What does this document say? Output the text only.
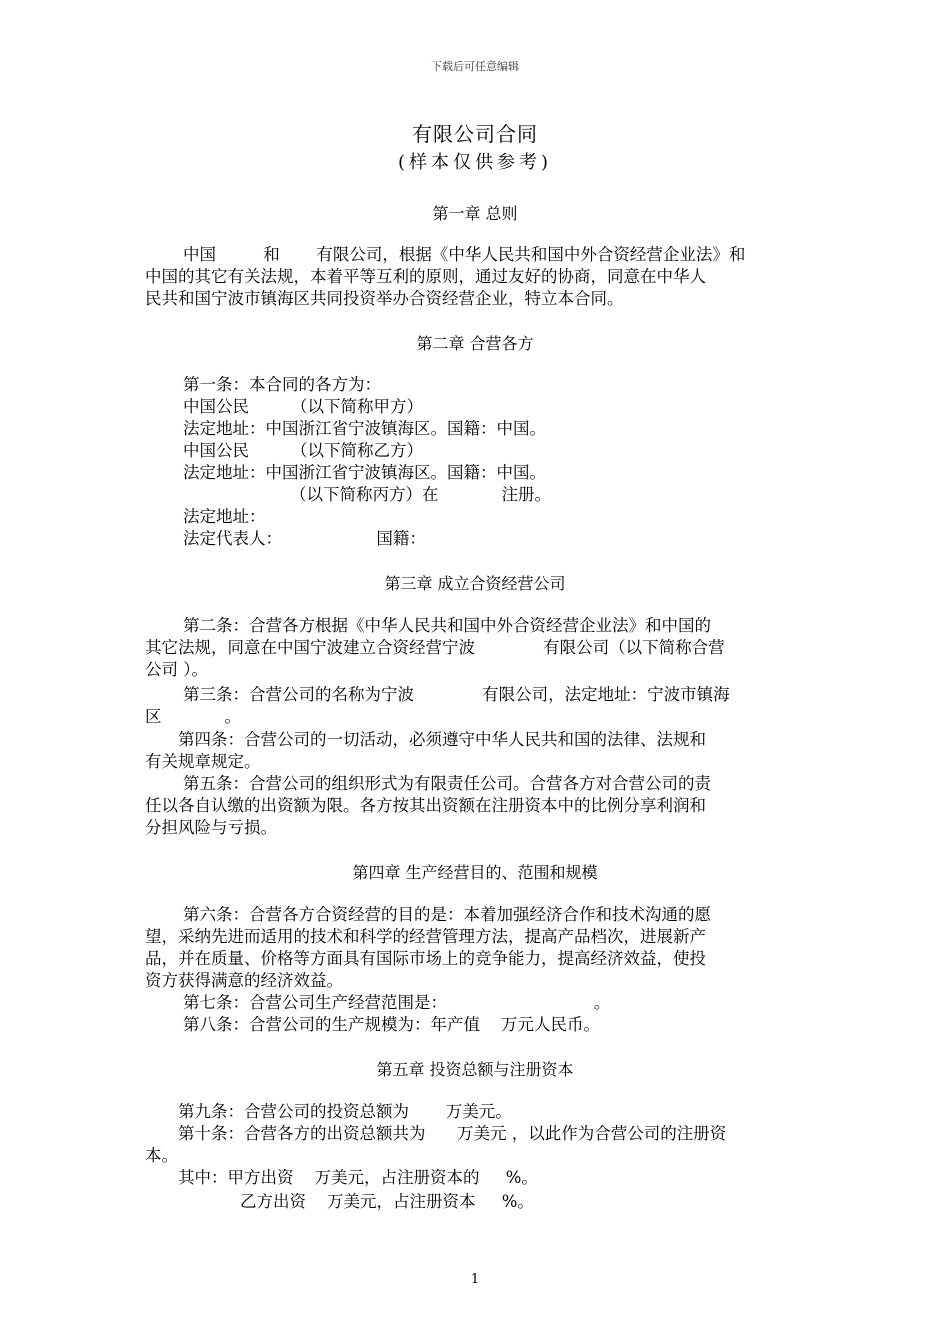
下载后可任意编辑
有限公司合同
(样本仅供参考)
第一章 总则
中国         和       有限公司，根据《中华人民共和国中外合资经营企业法》和
中国的其它有关法规，本着平等互利的原则，通过友好的协商，同意在中华人
民共和国宁波市镇海区共同投资举办合资经营企业，特立本合同。
第二章 合营各方
第一条：本合同的各方为：
中国公民        （以下简称甲方）
法定地址：中国浙江省宁波镇海区。国籍：中国。
中国公民        （以下简称乙方）
法定地址：中国浙江省宁波镇海区。国籍：中国。
（以下简称丙方）在            注册。
法定地址：
法定代表人：                  国籍：
第三章 成立合资经营公司
第二条：合营各方根据《中华人民共和国中外合资经营企业法》和中国的
其它法规，同意在中国宁波建立合资经营宁波             有限公司（以下简称合营
公司 ）。
第三条：合营公司的名称为宁波             有限公司，法定地址：宁波市镇海
区            。
第四条：合营公司的一切活动，必须遵守中华人民共和国的法律、法规和
有关规章规定。
第五条：合营公司的组织形式为有限责任公司。合营各方对合营公司的责
任以各自认缴的出资额为限。各方按其出资额在注册资本中的比例分享利润和
分担风险与亏损。
第四章 生产经营目的、范围和规模
第六条：合营各方合资经营的目的是：本着加强经济合作和技术沟通的愿
望，采纳先进而适用的技术和科学的经营管理方法，提高产品档次，进展新产
品，并在质量、价格等方面具有国际市场上的竞争能力，提高经济效益，使投
资方获得满意的经济效益。
第七条：合营公司生产经营范围是：                            。
第八条：合营公司的生产规模为：年产值    万元人民币。
第五章 投资总额与注册资本
第九条：合营公司的投资总额为       万美元。
第十条：合营各方的出资总额共为      万美元 ，以此作为合营公司的注册资
本。
其中：甲方出资    万美元，占注册资本的     %。
乙方出资    万美元，占注册资本     %。
1
